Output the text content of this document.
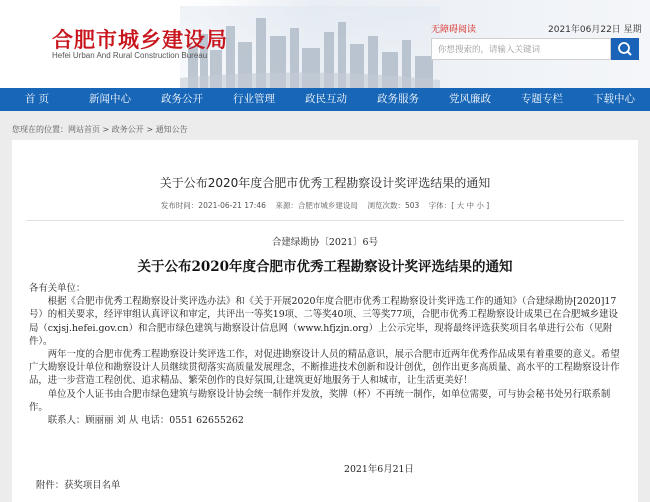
合肥市城乡建设局
Hefei Urban And Rural Construction Bureau
无障碍阅读	2021年06月22日 星期
你想搜索的，请输入关键词
首 页	新闻中心	政务公开	行业管理	政民互动	政务服务	党风廉政	专题专栏	下载中心
您现在的位置：网站首页 > 政务公开 > 通知公告
关于公布2020年度合肥市优秀工程勘察设计奖评选结果的通知
发布时间：2021-06-21 17:46    来源：合肥市城乡建设局    浏览次数：503    字体：[ 大 中 小 ]
合建绿勘协〔2021〕6号
关于公布2020年度合肥市优秀工程勘察设计奖评选结果的通知

各有关单位：

根据《合肥市优秀工程勘察设计奖评选办法》和《关于开展2020年度合肥市优秀工程勘察设计奖评选工作的通知》（合建绿勘协[2020]17号）的相关要求，经评审组认真评议和审定，共评出一等奖19项、二等奖40项、三等奖77项，合肥市优秀工程勘察设计成果已在合肥城乡建设局（cxjsj.hefei.gov.cn）和合肥市绿色建筑与勘察设计信息网（www.hfjzjn.org）上公示完毕，现将最终评选获奖项目名单进行公布（见附件）。

两年一度的合肥市优秀工程勘察设计奖评选工作，对促进勘察设计人员的精品意识，展示合肥市近两年优秀作品成果有着重要的意义。希望广大勘察设计单位和勘察设计人员继续贯彻落实高质量发展理念，不断推进技术创新和设计创优，创作出更多高质量、高水平的工程勘察设计作品，进一步营造工程创优、追求精品、繁荣创作的良好氛围,让建筑更好地服务于人和城市，让生活更美好！

单位及个人证书由合肥市绿色建筑与勘察设计协会统一制作并发放，奖牌（杯）不再统一制作，如单位需要，可与协会秘书处另行联系制作。

联系人：顾丽丽 刘 从 电话：0551 62655262

2021年6月21日
附件：获奖项目名单
